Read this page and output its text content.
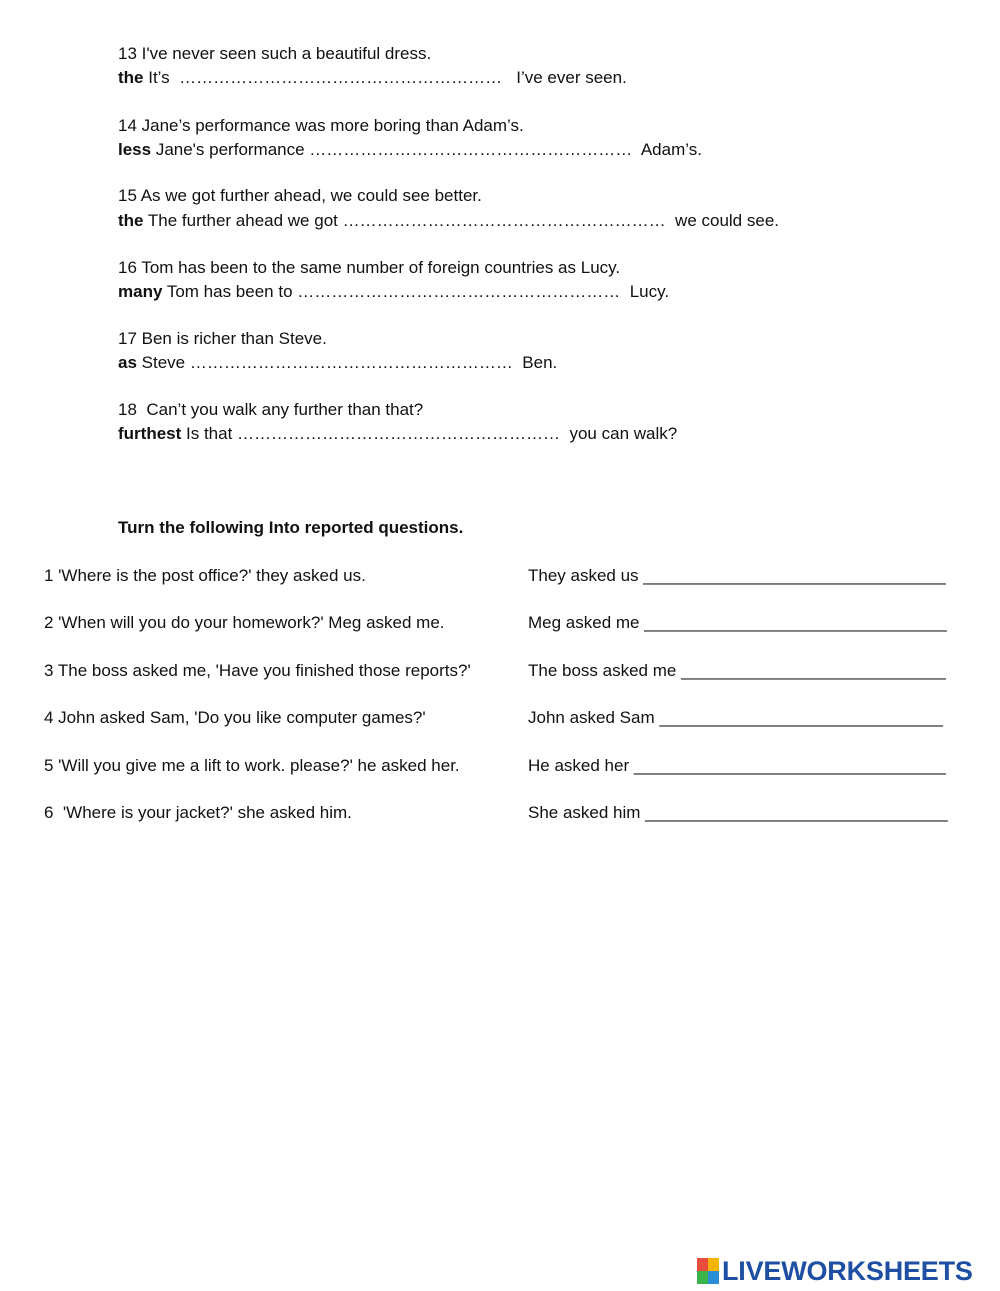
13 I've never seen such a beautiful dress.
the It’s  …………………………………………………   I’ve ever seen.
14 Jane’s performance was more boring than Adam’s.
less Jane's performance …………………………………………………  Adam’s.
15 As we got further ahead, we could see better.
the The further ahead we got …………………………………………………  we could see.
16 Tom has been to the same number of foreign countries as Lucy.
many Tom has been to …………………………………………………  Lucy.
17 Ben is richer than Steve.
as Steve …………………………………………………  Ben.
18  Can’t you walk any further than that?
furthest Is that …………………………………………………  you can walk?
Turn the following Into reported questions.
1 'Where is the post office?' they asked us.	They asked us ________________________________
2 'When will you do your homework?' Meg asked me.	Meg asked me ________________________________
3 The boss asked me, 'Have you finished those reports?'	The boss asked me ____________________________
4 John asked Sam, 'Do you like computer games?'	John asked Sam ______________________________
5 'Will you give me a lift to work. please?' he asked her.	He asked her _________________________________
6  'Where is your jacket?' she asked him.	She asked him ________________________________
LIVEWORKSHEETS
